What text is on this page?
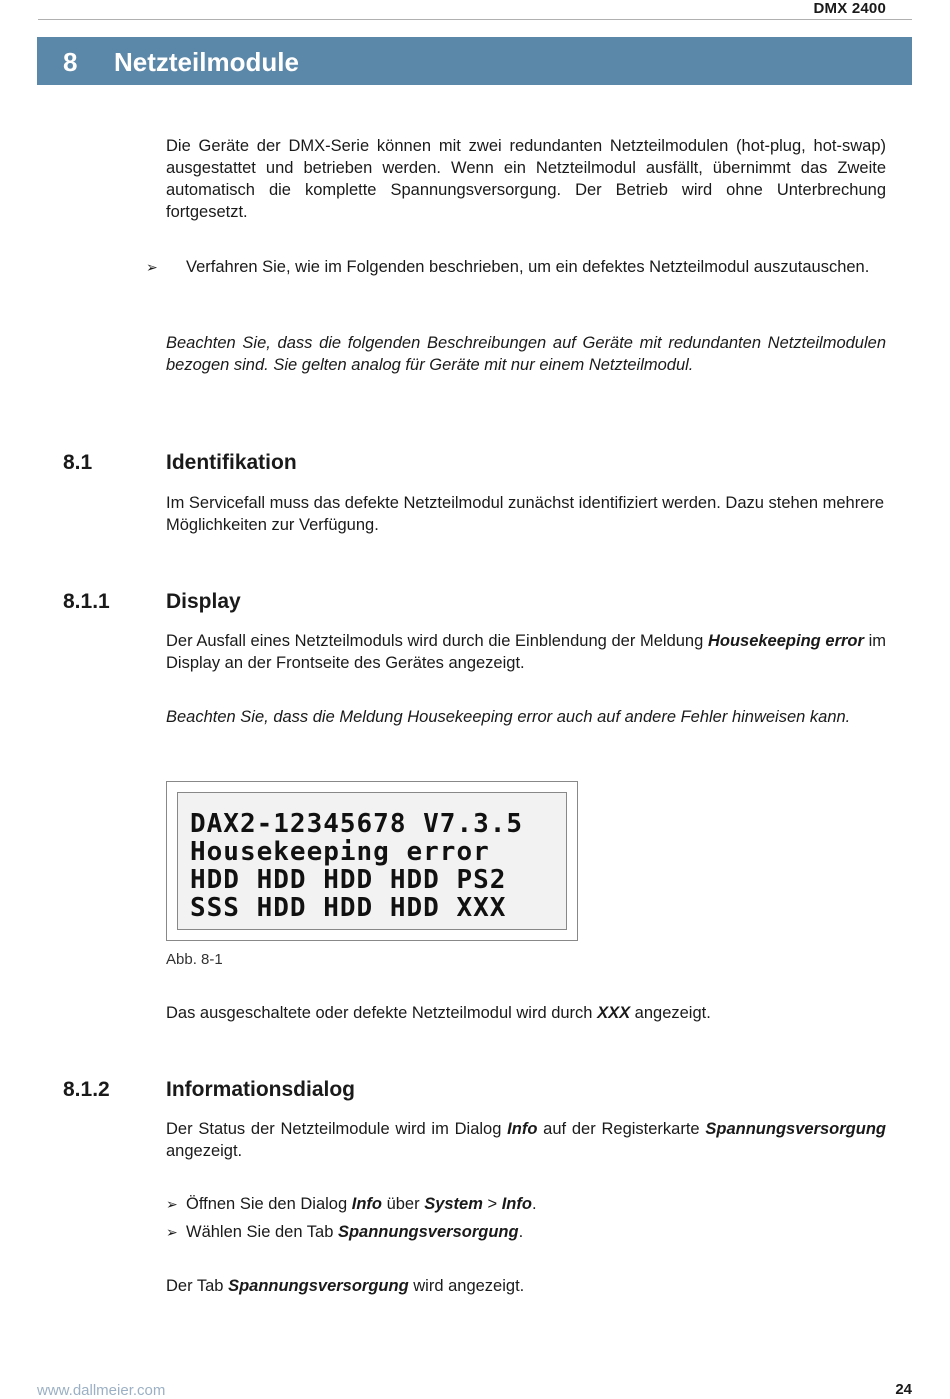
DMX 2400
8 Netzteilmodule
Die Geräte der DMX-Serie können mit zwei redundanten Netzteilmodulen (hot-plug, hot-swap) ausgestattet und betrieben werden. Wenn ein Netzteilmodul ausfällt, übernimmt das Zweite automatisch die komplette Spannungsversorgung. Der Betrieb wird ohne Unterbrechung fortgesetzt.
➢ Verfahren Sie, wie im Folgenden beschrieben, um ein defektes Netzteilmodul auszutauschen.
Beachten Sie, dass die folgenden Beschreibungen auf Geräte mit redundanten Netzteilmodulen bezogen sind. Sie gelten analog für Geräte mit nur einem Netzteilmodul.
8.1	Identifikation
Im Servicefall muss das defekte Netzteilmodul zunächst identifiziert werden. Dazu stehen mehrere Möglichkeiten zur Verfügung.
8.1.1	Display
Der Ausfall eines Netzteilmoduls wird durch die Einblendung der Meldung Housekeeping error im Display an der Frontseite des Gerätes angezeigt.
Beachten Sie, dass die Meldung Housekeeping error auch auf andere Fehler hinweisen kann.
DAX2-12345678 V7.3.5
Housekeeping error
HDD HDD HDD HDD PS2
SSS HDD HDD HDD XXX
Abb. 8-1
Das ausgeschaltete oder defekte Netzteilmodul wird durch XXX angezeigt.
8.1.2	Informationsdialog
Der Status der Netzteilmodule wird im Dialog Info auf der Registerkarte Spannungsversorgung angezeigt.
➢ Öffnen Sie den Dialog Info über System > Info.
➢ Wählen Sie den Tab Spannungsversorgung.
Der Tab Spannungsversorgung wird angezeigt.
www.dallmeier.com	24
